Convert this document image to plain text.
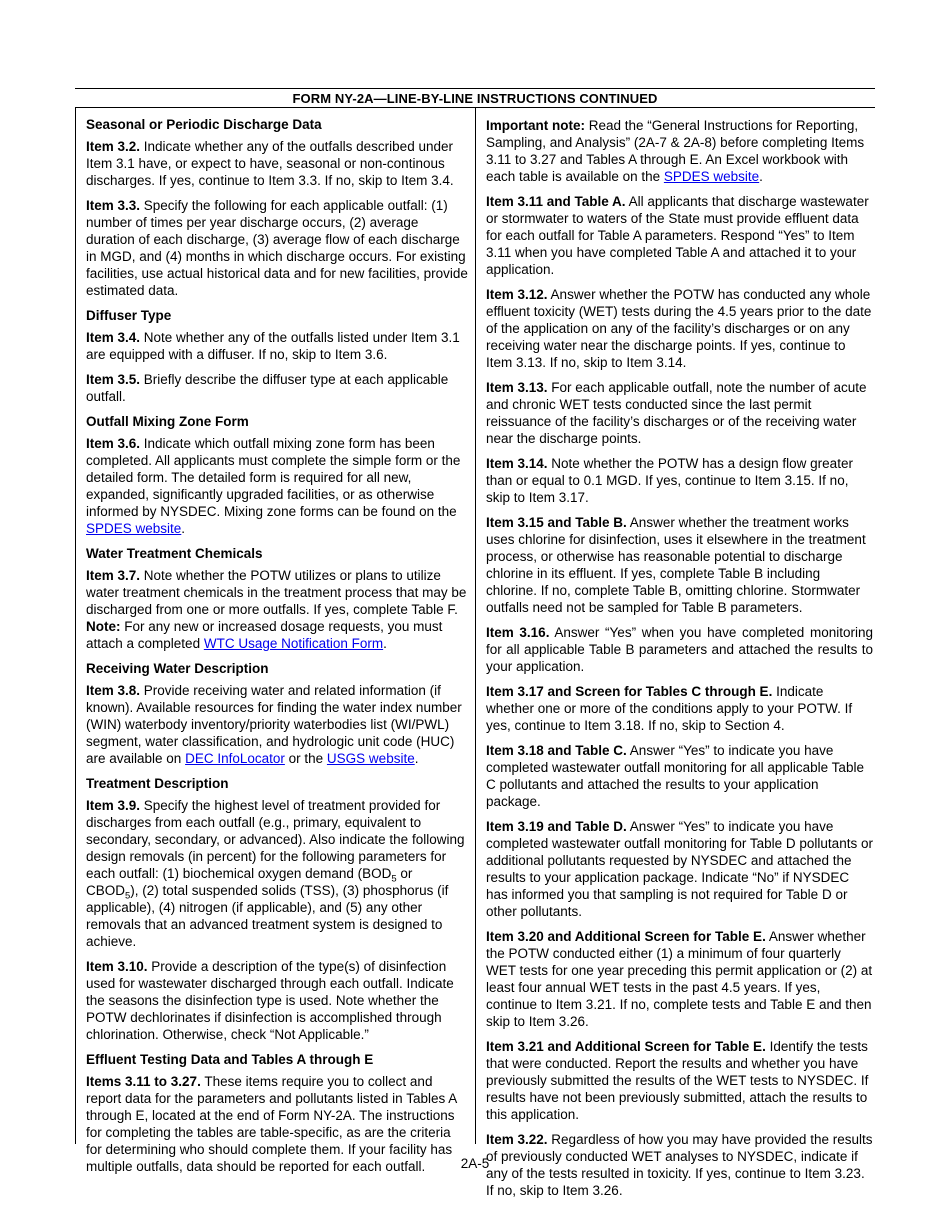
FORM NY-2A—LINE-BY-LINE INSTRUCTIONS CONTINUED
Seasonal or Periodic Discharge Data

Item 3.2. Indicate whether any of the outfalls described under Item 3.1 have, or expect to have, seasonal or non-continous discharges. If yes, continue to Item 3.3. If no, skip to Item 3.4.

Item 3.3. Specify the following for each applicable outfall: (1) number of times per year discharge occurs, (2) average duration of each discharge, (3) average flow of each discharge in MGD, and (4) months in which discharge occurs. For existing facilities, use actual historical data and for new facilities, provide estimated data.

Diffuser Type

Item 3.4. Note whether any of the outfalls listed under Item 3.1 are equipped with a diffuser. If no, skip to Item 3.6.

Item 3.5. Briefly describe the diffuser type at each applicable outfall.

Outfall Mixing Zone Form

Item 3.6. Indicate which outfall mixing zone form has been completed. All applicants must complete the simple form or the detailed form. The detailed form is required for all new, expanded, significantly upgraded facilities, or as otherwise informed by NYSDEC. Mixing zone forms can be found on the SPDES website.

Water Treatment Chemicals

Item 3.7. Note whether the POTW utilizes or plans to utilize water treatment chemicals in the treatment process that may be discharged from one or more outfalls. If yes, complete Table F. Note: For any new or increased dosage requests, you must attach a completed WTC Usage Notification Form.

Receiving Water Description

Item 3.8. Provide receiving water and related information (if known). Available resources for finding the water index number (WIN) waterbody inventory/priority waterbodies list (WI/PWL) segment, water classification, and hydrologic unit code (HUC) are available on DEC InfoLocator or the USGS website.

Treatment Description

Item 3.9. Specify the highest level of treatment provided for discharges from each outfall (e.g., primary, equivalent to secondary, secondary, or advanced). Also indicate the following design removals (in percent) for the following parameters for each outfall: (1) biochemical oxygen demand ($BOD_5$ or $CBOD_5$), (2) total suspended solids (TSS), (3) phosphorus (if applicable), (4) nitrogen (if applicable), and (5) any other removals that an advanced treatment system is designed to achieve.

Item 3.10. Provide a description of the type(s) of disinfection used for wastewater discharged through each outfall. Indicate the seasons the disinfection type is used. Note whether the POTW dechlorinates if disinfection is accomplished through chlorination. Otherwise, check “Not Applicable.”

Effluent Testing Data and Tables A through E

Items 3.11 to 3.27. These items require you to collect and report data for the parameters and pollutants listed in Tables A through E, located at the end of Form NY-2A. The instructions for completing the tables are table-specific, as are the criteria for determining who should complete them. If your facility has multiple outfalls, data should be reported for each outfall.

Important note: Read the “General Instructions for Reporting, Sampling, and Analysis” (2A-7 & 2A-8) before completing Items 3.11 to 3.27 and Tables A through E. An Excel workbook with each table is available on the SPDES website.

Item 3.11 and Table A. All applicants that discharge wastewater or stormwater to waters of the State must provide effluent data for each outfall for Table A parameters. Respond “Yes” to Item 3.11 when you have completed Table A and attached it to your application.

Item 3.12. Answer whether the POTW has conducted any whole effluent toxicity (WET) tests during the 4.5 years prior to the date of the application on any of the facility’s discharges or on any receiving water near the discharge points. If yes, continue to Item 3.13. If no, skip to Item 3.14.

Item 3.13. For each applicable outfall, note the number of acute and chronic WET tests conducted since the last permit reissuance of the facility’s discharges or of the receiving water near the discharge points.

Item 3.14. Note whether the POTW has a design flow greater than or equal to 0.1 MGD. If yes, continue to Item 3.15. If no, skip to Item 3.17.

Item 3.15 and Table B. Answer whether the treatment works uses chlorine for disinfection, uses it elsewhere in the treatment process, or otherwise has reasonable potential to discharge chlorine in its effluent. If yes, complete Table B including chlorine. If no, complete Table B, omitting chlorine. Stormwater outfalls need not be sampled for Table B parameters.

Item 3.16. Answer “Yes” when you have completed monitoring for all applicable Table B parameters and attached the results to your application.

Item 3.17 and Screen for Tables C through E. Indicate whether one or more of the conditions apply to your POTW. If yes, continue to Item 3.18. If no, skip to Section 4.

Item 3.18 and Table C. Answer “Yes” to indicate you have completed wastewater outfall monitoring for all applicable Table C pollutants and attached the results to your application package.

Item 3.19 and Table D. Answer “Yes” to indicate you have completed wastewater outfall monitoring for Table D pollutants or additional pollutants requested by NYSDEC and attached the results to your application package. Indicate “No” if NYSDEC has informed you that sampling is not required for Table D or other pollutants.

Item 3.20 and Additional Screen for Table E. Answer whether the POTW conducted either (1) a minimum of four quarterly WET tests for one year preceding this permit application or (2) at least four annual WET tests in the past 4.5 years. If yes, continue to Item 3.21. If no, complete tests and Table E and then skip to Item 3.26.

Item 3.21 and Additional Screen for Table E. Identify the tests that were conducted. Report the results and whether you have previously submitted the results of the WET tests to NYSDEC. If results have not been previously submitted, attach the results to this application.

Item 3.22. Regardless of how you may have provided the results of previously conducted WET analyses to NYSDEC, indicate if any of the tests resulted in toxicity. If yes, continue to Item 3.23. If no, skip to Item 3.26.

2A-5
